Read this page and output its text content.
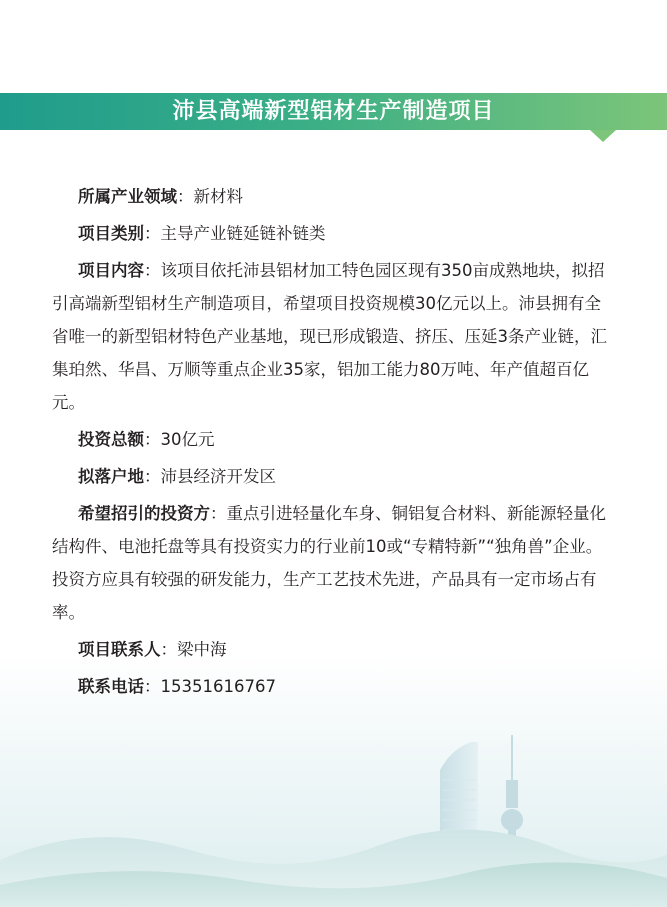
沛县高端新型铝材生产制造项目

所属产业领域：新材料

项目类别：主导产业链延链补链类

项目内容：该项目依托沛县铝材加工特色园区现有350亩成熟地块，拟招引高端新型铝材生产制造项目，希望项目投资规模30亿元以上。沛县拥有全省唯一的新型铝材特色产业基地，现已形成锻造、挤压、压延3条产业链，汇集珀然、华昌、万顺等重点企业35家，铝加工能力80万吨、年产值超百亿元。

投资总额：30亿元

拟落户地：沛县经济开发区

希望招引的投资方：重点引进轻量化车身、铜铝复合材料、新能源轻量化结构件、电池托盘等具有投资实力的行业前10或“专精特新”“独角兽”企业。投资方应具有较强的研发能力，生产工艺技术先进，产品具有一定市场占有率。

项目联系人：梁中海

联系电话：15351616767
